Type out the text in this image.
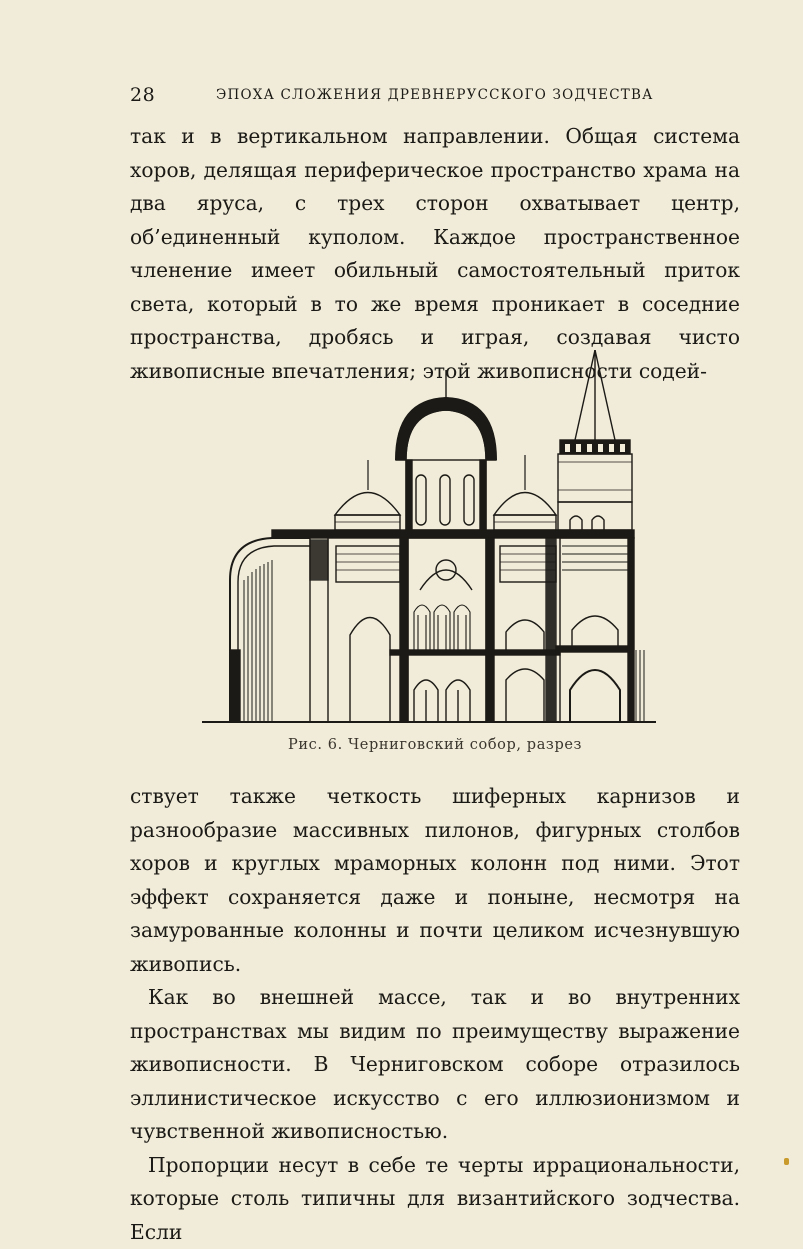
28	ЭПОХА СЛОЖЕНИЯ ДРЕВНЕРУССКОГО ЗОДЧЕСТВА

так и в вертикальном направлении. Общая система хоров, делящая периферическое пространство храма на два яруса, с трех сторон охватывает центр, об’единенный куполом. Каждое пространственное членение имеет обильный самостоятельный приток света, который в то же время проникает в соседние пространства, дробясь и играя, создавая чисто живописные впечатления; этой живописности содей-

Рис. 6. Черниговский собор, разрез

ствует также четкость шиферных карнизов и разнообразие массивных пилонов, фигурных столбов хоров и круглых мраморных колонн под ними. Этот эффект сохраняется даже и поныне, несмотря на замурованные колонны и почти целиком исчезнувшую живопись.

Как во внешней массе, так и во внутренних пространствах мы видим по преимуществу выражение живописности. В Черниговском соборе отразилось эллинистическое искусство с его иллюзионизмом и чувственной живописностью.

Пропорции несут в себе те черты иррациональности, которые столь типичны для византийского зодчества. Если
